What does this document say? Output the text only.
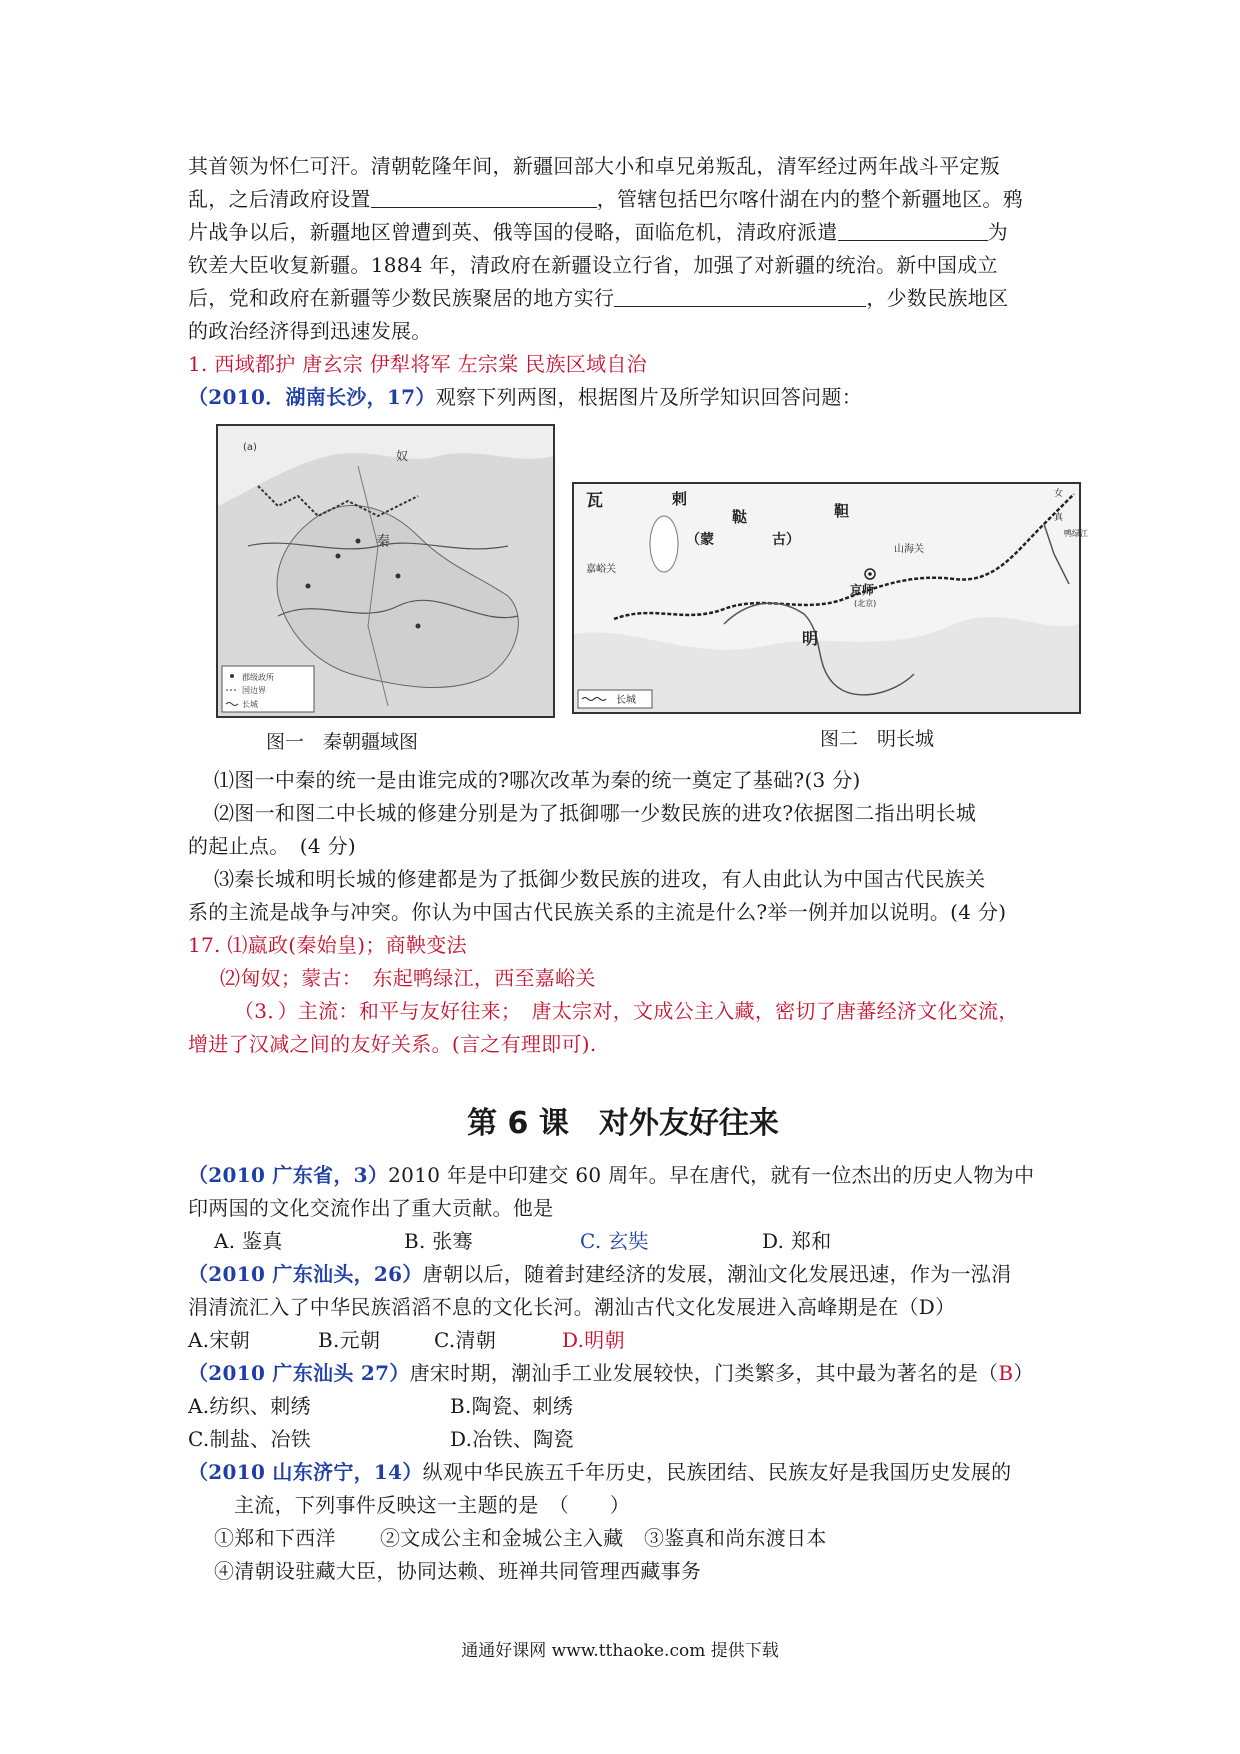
其首领为怀仁可汗。清朝乾隆年间，新疆回部大小和卓兄弟叛乱，清军经过两年战斗平定叛
乱，之后清政府设置	，管辖包括巴尔喀什湖在内的整个新疆地区。鸦
片战争以后，新疆地区曾遭到英、俄等国的侵略，面临危机，清政府派遣	为
钦差大臣收复新疆。1884 年，清政府在新疆设立行省，加强了对新疆的统治。新中国成立
后，党和政府在新疆等少数民族聚居的地方实行	，少数民族地区
的政治经济得到迅速发展。
1. 西域都护 唐玄宗 伊犁将军 左宗棠 民族区域自治
（2010．湖南长沙，17）观察下列两图，根据图片及所学知识回答问题：
(a)
奴
秦
郡级政所
国边界
长城
瓦	剌
鞑	靼
（蒙	古）
嘉峪关
山海关
京师
(北京)
明
女
真
鸭绿江
长城
图一　秦朝疆域图	图二　明长城
⑴图一中秦的统一是由谁完成的?哪次改革为秦的统一奠定了基础?(3 分)
⑵图一和图二中长城的修建分别是为了抵御哪一少数民族的进攻?依据图二指出明长城
的起止点。　(4 分)
⑶秦长城和明长城的修建都是为了抵御少数民族的进攻，有人由此认为中国古代民族关
系的主流是战争与冲突。你认为中国古代民族关系的主流是什么?举一例并加以说明。(4 分)
17. ⑴嬴政(秦始皇)；商鞅变法
⑵匈奴；蒙古：　东起鸭绿江，西至嘉峪关
（3．）主流：和平与友好往来；　唐太宗对，文成公主入藏，密切了唐蕃经济文化交流，
增进了汉减之间的友好关系。(言之有理即可).
第 6 课　对外友好往来
（2010 广东省，3）2010 年是中印建交 60 周年。早在唐代，就有一位杰出的历史人物为中
印两国的文化交流作出了重大贡献。他是
A. 鉴真	B. 张骞	C. 玄奘	D. 郑和
（2010 广东汕头，26）唐朝以后，随着封建经济的发展，潮汕文化发展迅速，作为一泓涓
涓清流汇入了中华民族滔滔不息的文化长河。潮汕古代文化发展进入高峰期是在（D）
A.宋朝	B.元朝	C.清朝	D.明朝
（2010 广东汕头 27）唐宋时期，潮汕手工业发展较快，门类繁多，其中最为著名的是（B）
A.纺织、刺绣	B.陶瓷、刺绣
C.制盐、冶铁	D.冶铁、陶瓷
（2010 山东济宁，14）纵观中华民族五千年历史，民族团结、民族友好是我国历史发展的
主流，下列事件反映这一主题的是　（　　）
①郑和下西洋 ②文成公主和金城公主入藏 ③鉴真和尚东渡日本
④清朝设驻藏大臣，协同达赖、班禅共同管理西藏事务
通通好课网 www.tthaoke.com 提供下载
